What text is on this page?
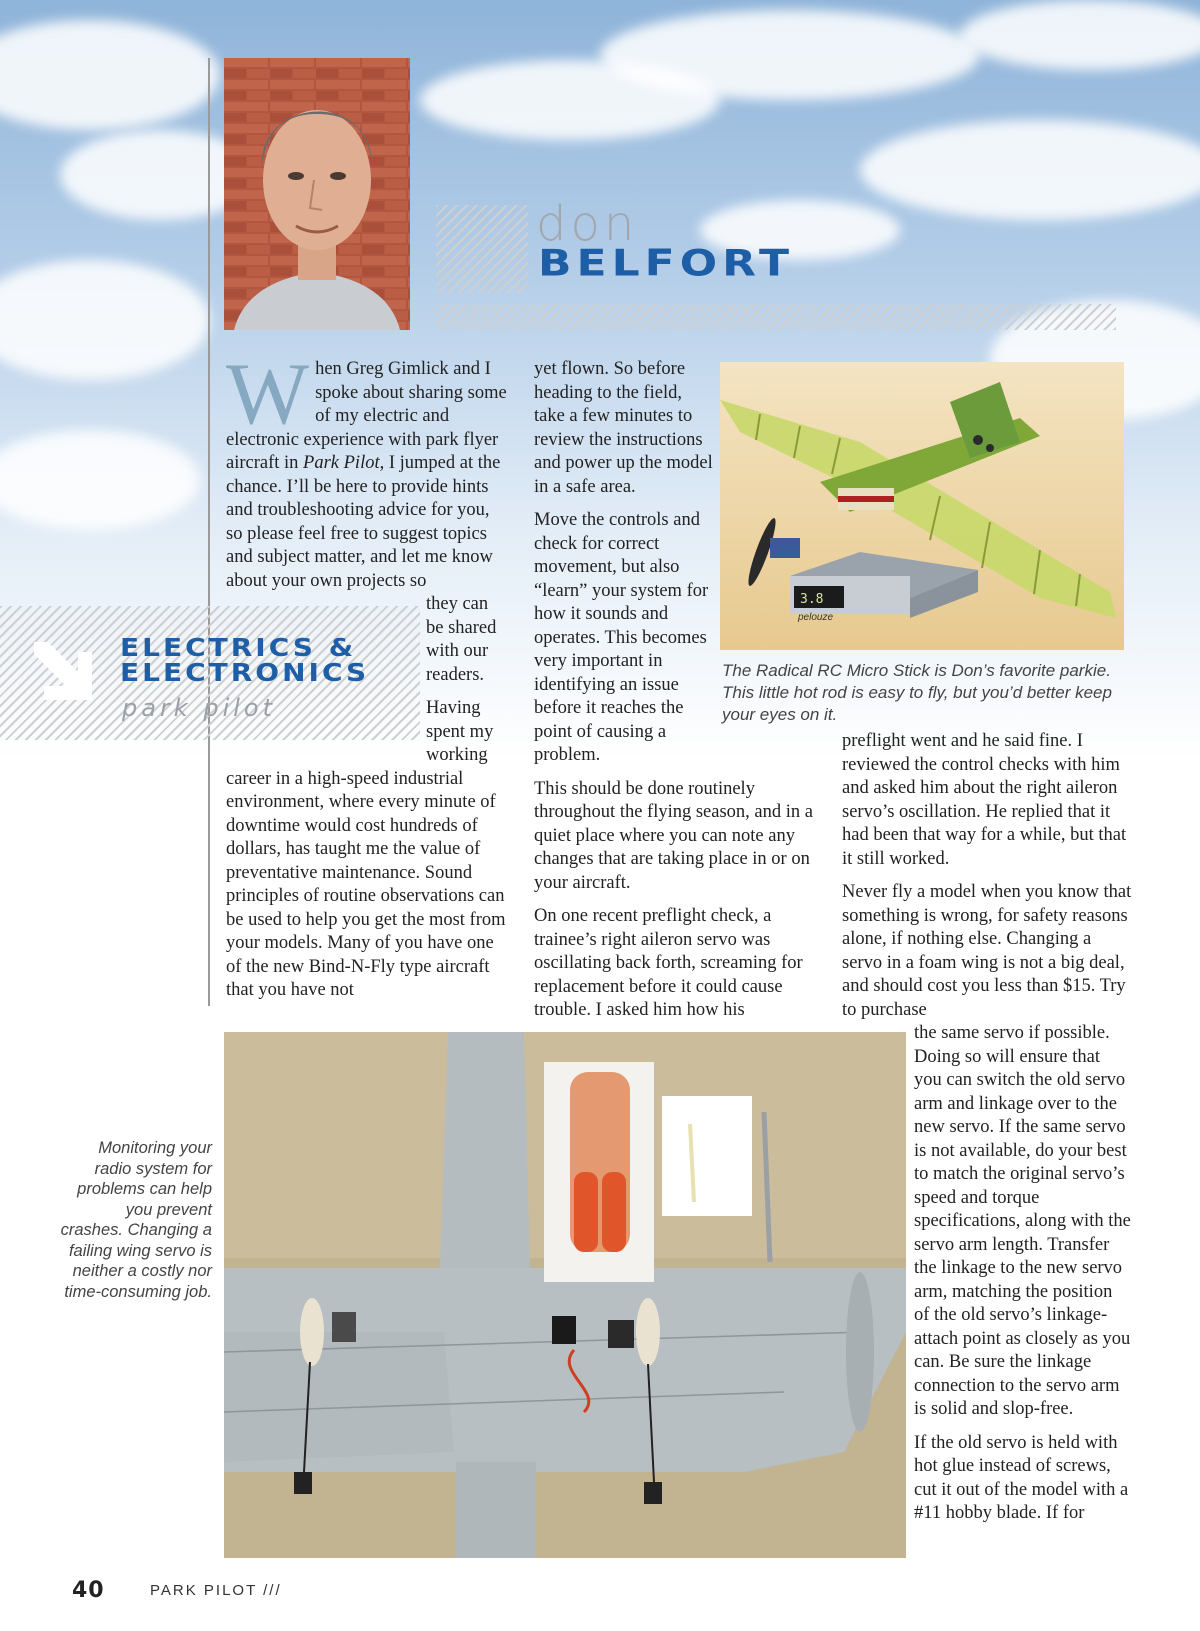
don
BELFORT

When Greg Gimlick and I spoke about sharing some of my electric and electronic experience with park flyer aircraft in Park Pilot, I jumped at the chance. I’ll be here to provide hints and troubleshooting advice for you, so please feel free to suggest topics and subject matter, and let me know about your own projects so

they can be shared with our readers.

Having spent my working

career in a high-speed industrial environment, where every minute of downtime would cost hundreds of dollars, has taught me the value of preventative maintenance. Sound principles of routine observations can be used to help you get the most from your models. Many of you have one of the new Bind-N-Fly type aircraft that you have not

ELECTRICS &
ELECTRONICS
park pilot

yet flown. So before heading to the field, take a few minutes to review the instructions and power up the model in a safe area.

Move the controls and check for correct movement, but also “learn” your system for how it sounds and operates. This becomes very important in identifying an issue before it reaches the point of causing a problem.

This should be done routinely throughout the flying season, and in a quiet place where you can note any changes that are taking place in or on your aircraft.

On one recent preflight check, a trainee’s right aileron servo was oscillating back forth, screaming for replacement before it could cause trouble. I asked him how his

3.8
pelouze
The Radical RC Micro Stick is Don’s favorite parkie. This little hot rod is easy to fly, but you’d better keep your eyes on it.

preflight went and he said fine. I reviewed the control checks with him and asked him about the right aileron servo’s oscillation. He replied that it had been that way for a while, but that it still worked.

Never fly a model when you know that something is wrong, for safety reasons alone, if nothing else. Changing a servo in a foam wing is not a big deal, and should cost you less than $15. Try to purchase

the same servo if possible. Doing so will ensure that you can switch the old servo arm and linkage over to the new servo. If the same servo is not available, do your best to match the original servo’s speed and torque specifications, along with the servo arm length. Transfer the linkage to the new servo arm, matching the position of the old servo’s linkage-attach point as closely as you can. Be sure the linkage connection to the servo arm is solid and slop-free.

If the old servo is held with hot glue instead of screws, cut it out of the model with a #11 hobby blade. If for

Monitoring your radio system for problems can help you prevent crashes. Changing a failing wing servo is neither a costly nor time-consuming job.
40	PARK PILOT ///
